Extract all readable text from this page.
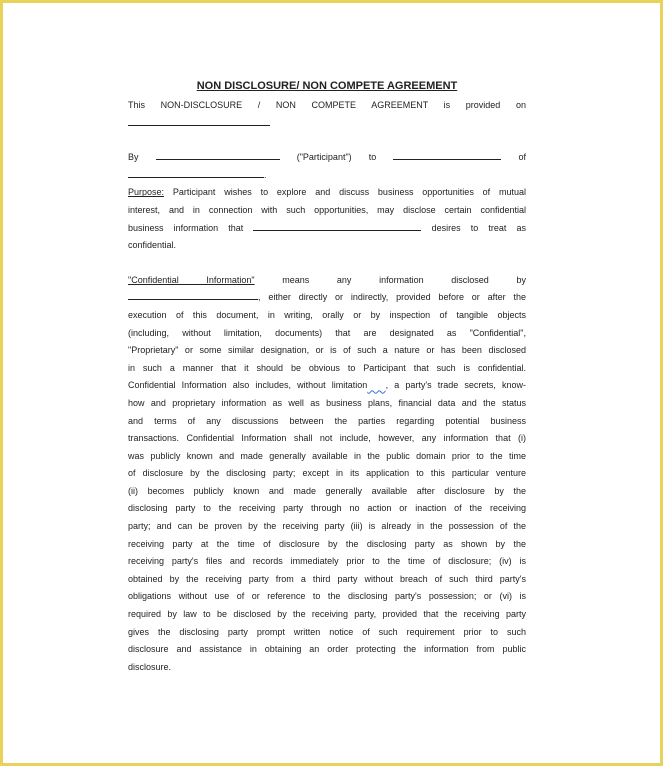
NON DISCLOSURE/ NON COMPETE AGREEMENT
This NON-DISCLOSURE / NON COMPETE AGREEMENT is provided on
By	("Participant") to	of
.
Purpose: Participant wishes to explore and discuss business opportunities of mutual
interest, and in connection with such opportunities, may disclose certain confidential
business information that	desires to treat as
confidential.
"Confidential Information"	means	any	information	disclosed	by
, either directly or indirectly, provided before or after the
execution of this document, in writing, orally or by inspection of tangible objects
(including, without limitation, documents) that are designated as "Confidential",
"Proprietary" or some similar designation, or is of such a nature or has been disclosed
in such a manner that it should be obvious to Participant that such is confidential.
Confidential Information also includes, without limitation , a party's trade secrets, know-
how and proprietary information as well as business plans, financial data and the status
and terms of any discussions between the parties regarding potential business
transactions. Confidential Information shall not include, however, any information that (i)
was publicly known and made generally available in the public domain prior to the time
of disclosure by the disclosing party; except in its application to this particular venture
(ii) becomes publicly known and made generally available after disclosure by the
disclosing party to the receiving party through no action or inaction of the receiving
party; and can be proven by the receiving party (iii) is already in the possession of the
receiving party at the time of disclosure by the disclosing party as shown by the
receiving party's files and records immediately prior to the time of disclosure; (iv) is
obtained by the receiving party from a third party without breach of such third party's
obligations without use of or reference to the disclosing party's possession; or (vi) is
required by law to be disclosed by the receiving party, provided that the receiving party
gives the disclosing party prompt written notice of such requirement prior to such
disclosure and assistance in obtaining an order protecting the information from public
disclosure.
